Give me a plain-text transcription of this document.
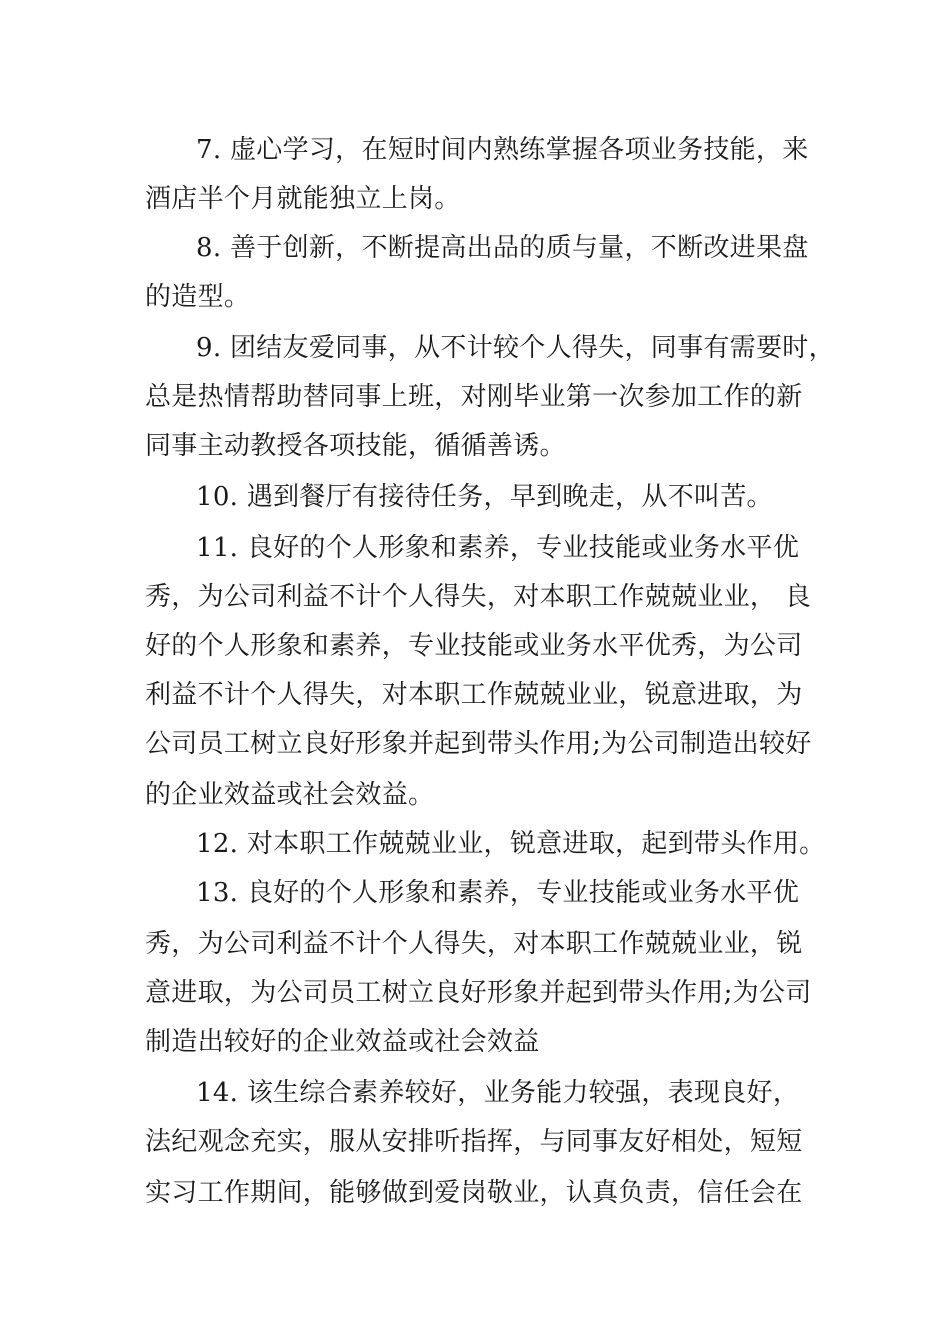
7. 虚心学习，在短时间内熟练掌握各项业务技能，来
酒店半个月就能独立上岗。
8. 善于创新，不断提高出品的质与量，不断改进果盘
的造型。
9. 团结友爱同事，从不计较个人得失，同事有需要时，
总是热情帮助替同事上班，对刚毕业第一次参加工作的新
同事主动教授各项技能，循循善诱。
10. 遇到餐厅有接待任务，早到晚走，从不叫苦。
11. 良好的个人形象和素养，专业技能或业务水平优
秀，为公司利益不计个人得失，对本职工作兢兢业业， 良
好的个人形象和素养，专业技能或业务水平优秀，为公司
利益不计个人得失，对本职工作兢兢业业，锐意进取，为
公司员工树立良好形象并起到带头作用;为公司制造出较好
的企业效益或社会效益。
12. 对本职工作兢兢业业，锐意进取，起到带头作用。
13. 良好的个人形象和素养，专业技能或业务水平优
秀，为公司利益不计个人得失，对本职工作兢兢业业，锐
意进取，为公司员工树立良好形象并起到带头作用;为公司
制造出较好的企业效益或社会效益
14. 该生综合素养较好，业务能力较强，表现良好，
法纪观念充实，服从安排听指挥，与同事友好相处，短短
实习工作期间，能够做到爱岗敬业，认真负责，信任会在
